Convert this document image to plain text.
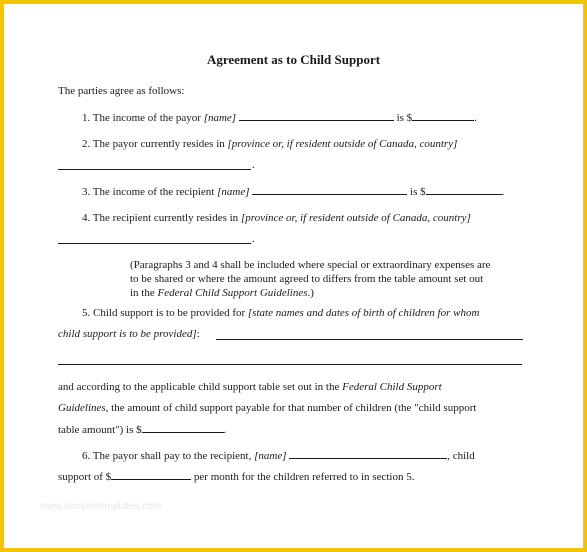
Agreement as to Child Support
The parties agree as follows:
1. The income of the payor [name]	is $	.
2. The payor currently resides in [province or, if resident outside of Canada, country]
.
3. The income of the recipient [name]	is $	.
4. The recipient currently resides in [province or, if resident outside of Canada, country]
.
(Paragraphs 3 and 4 shall be included where special or extraordinary expenses are
to be shared or where the amount agreed to differs from the table amount set out
in the Federal Child Support Guidelines.)
5. Child support is to be provided for [state names and dates of birth of children for whom
child support is to be provided]:
and according to the applicable child support table set out in the Federal Child Support
Guidelines, the amount of child support payable for that number of children (the "child support
table amount") is $	.
6. The payor shall pay to the recipient, [name]	, child
support of $	per month for the children referred to in section 5.
www.sampletemplates.com
